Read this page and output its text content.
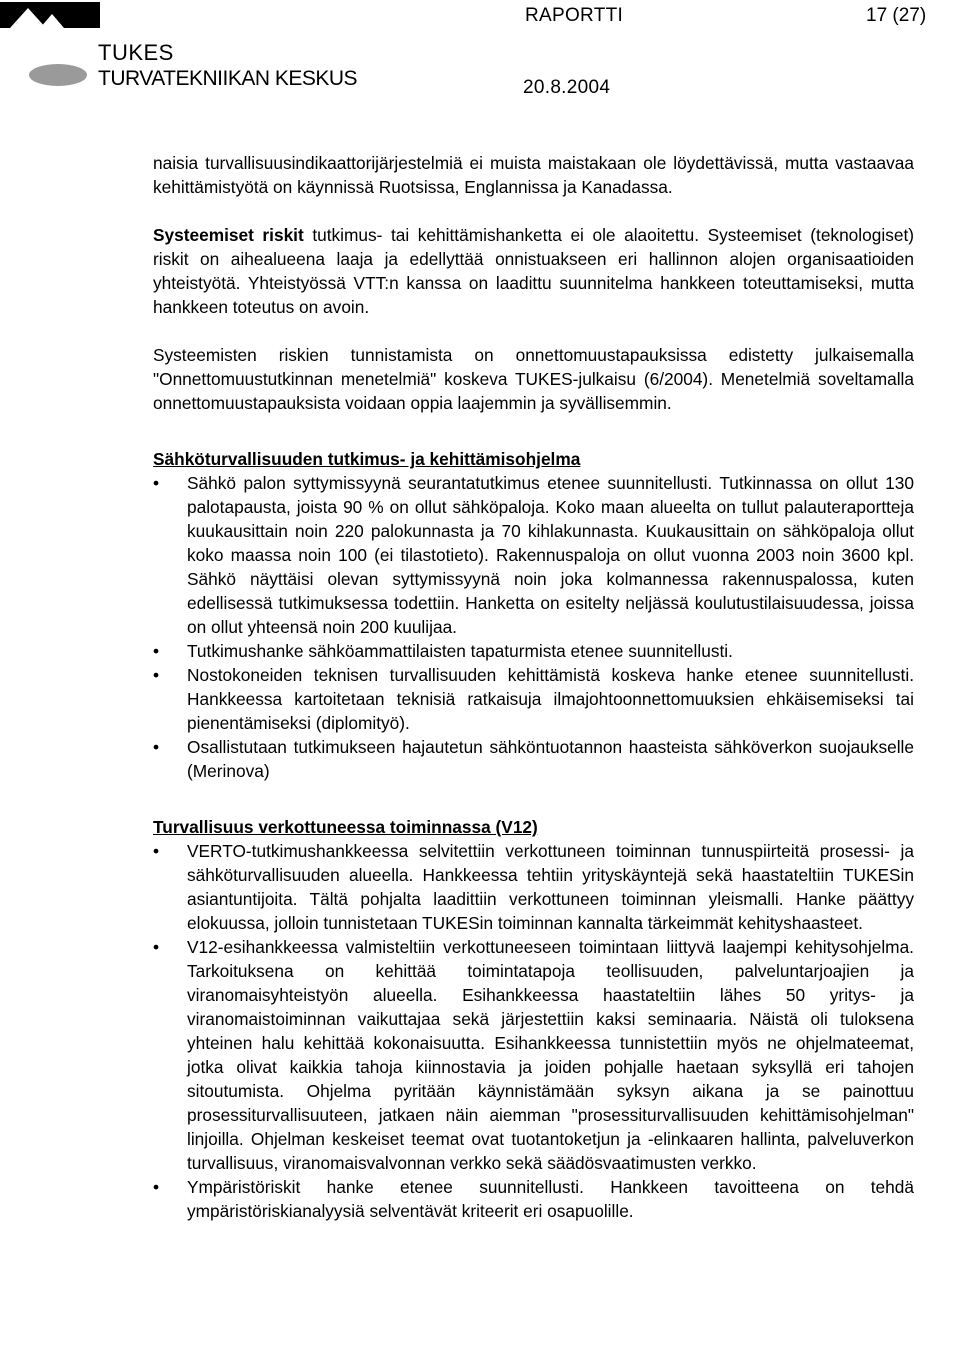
TUKES
TURVATEKNIIKAN KESKUS
RAPORTTI	17 (27)
20.8.2004

naisia turvallisuusindikaattorijärjestelmiä ei muista maistakaan ole löydettävissä, mutta vastaavaa kehittämistyötä on käynnissä Ruotsissa, Englannissa ja Kanadassa.

Systeemiset riskit tutkimus- tai kehittämishanketta ei ole alaoitettu. Systeemiset (teknologiset) riskit on aihealueena laaja ja edellyttää onnistuakseen eri hallinnon alojen organisaatioiden yhteistyötä. Yhteistyössä VTT:n kanssa on laadittu suunnitelma hankkeen toteuttamiseksi, mutta hankkeen toteutus on avoin.

Systeemisten riskien tunnistamista on onnettomuustapauksissa edistetty julkaisemalla "Onnettomuustutkinnan menetelmiä" koskeva TUKES-julkaisu (6/2004). Menetelmiä soveltamalla onnettomuustapauksista voidaan oppia laajemmin ja syvällisemmin.

Sähköturvallisuuden tutkimus- ja kehittämisohjelma
•	Sähkö palon syttymissyynä seurantatutkimus etenee suunnitellusti. Tutkinnassa on ollut 130 palotapausta, joista 90 % on ollut sähköpaloja. Koko maan alueelta on tullut palauteraportteja kuukausittain noin 220 palokunnasta ja 70 kihlakunnasta. Kuukausittain on sähköpaloja ollut koko maassa noin 100 (ei tilastotieto). Rakennuspaloja on ollut vuonna 2003 noin 3600 kpl. Sähkö näyttäisi olevan syttymissyynä noin joka kolmannessa rakennuspalossa, kuten edellisessä tutkimuksessa todettiin. Hanketta on esitelty neljässä koulutustilaisuudessa, joissa on ollut yhteensä noin 200 kuulijaa.
•	Tutkimushanke sähköammattilaisten tapaturmista etenee suunnitellusti.
•	Nostokoneiden teknisen turvallisuuden kehittämistä koskeva hanke etenee suunnitellusti. Hankkeessa kartoitetaan teknisiä ratkaisuja ilmajohtoonnettomuuksien ehkäisemiseksi tai pienentämiseksi (diplomityö).
•	Osallistutaan tutkimukseen hajautetun sähköntuotannon haasteista sähköverkon suojaukselle (Merinova)
Turvallisuus verkottuneessa toiminnassa (V12)
•	VERTO-tutkimushankkeessa selvitettiin verkottuneen toiminnan tunnuspiirteitä prosessi- ja sähköturvallisuuden alueella. Hankkeessa tehtiin yrityskäyntejä sekä haastateltiin TUKESin asiantuntijoita. Tältä pohjalta laadittiin verkottuneen toiminnan yleismalli. Hanke päättyy elokuussa, jolloin tunnistetaan TUKESin toiminnan kannalta tärkeimmät kehityshaasteet.
•	V12-esihankkeessa valmisteltiin verkottuneeseen toimintaan liittyvä laajempi kehitysohjelma. Tarkoituksena on kehittää toimintatapoja teollisuuden, palveluntarjoajien ja viranomaisyhteistyön alueella. Esihankkeessa haastateltiin lähes 50 yritys- ja viranomaistoiminnan vaikuttajaa sekä järjestettiin kaksi seminaaria. Näistä oli tuloksena yhteinen halu kehittää kokonaisuutta. Esihankkeessa tunnistettiin myös ne ohjelmateemat, jotka olivat kaikkia tahoja kiinnostavia ja joiden pohjalle haetaan syksyllä eri tahojen sitoutumista. Ohjelma pyritään käynnistämään syksyn aikana ja se painottuu prosessiturvallisuuteen, jatkaen näin aiemman "prosessiturvallisuuden kehittämisohjelman" linjoilla. Ohjelman keskeiset teemat ovat tuotantoketjun ja -elinkaaren hallinta, palveluverkon turvallisuus, viranomaisvalvonnan verkko sekä säädösvaatimusten verkko.
•	Ympäristöriskit hanke etenee suunnitellusti. Hankkeen tavoitteena on tehdä ympäristöriskianalyysiä selventävät kriteerit eri osapuolille.
